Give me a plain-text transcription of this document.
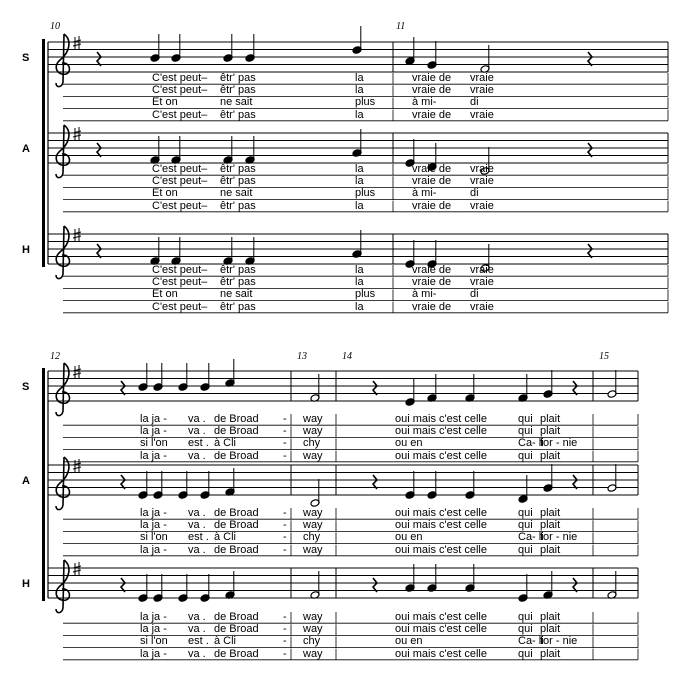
10	11
S
C'est peut– êtr' pas	la	vraie de vraie
C'est peut– êtr' pas	la	vraie de vraie
Et on	ne sait	plus	à mi-	di
C'est peut– êtr' pas	la	vraie de vraie
A
C'est peut– êtr' pas	la	vraie de vraie
C'est peut– êtr' pas	la	vraie de vraie
Et on	ne sait	plus	à mi-	di
C'est peut– êtr' pas	la	vraie de vraie
H
C'est peut– êtr' pas	la	vraie de vraie
C'est peut– êtr' pas	la	vraie de vraie
Et on	ne sait	plus	à mi-	di
C'est peut– êtr' pas	la	vraie de vraie
12	13	14	15
S
la ja - va . de Broad - way	oui mais c'est celle	qui plait
la ja - va . de Broad - way	oui mais c'est celle	qui plait
si l'on est . à Cli	- chy	ou en	Ca- li
for - nie
la ja - va . de Broad - way	oui mais c'est celle	qui plait
A
la ja - va . de Broad - way	oui mais c'est celle	qui plait
la ja - va . de Broad - way	oui mais c'est celle	qui plait
si l'on est . à Cli	- chy	ou en	Ca- li
for - nie
la ja - va . de Broad - way	oui mais c'est celle	qui plait
H
la ja - va . de Broad - way	oui mais c'est celle	qui plait
la ja - va . de Broad - way	oui mais c'est celle	qui plait
si l'on est . à Cli	- chy	ou en	Ca- li
for - nie
la ja - va . de Broad - way	oui mais c'est celle	qui plait
